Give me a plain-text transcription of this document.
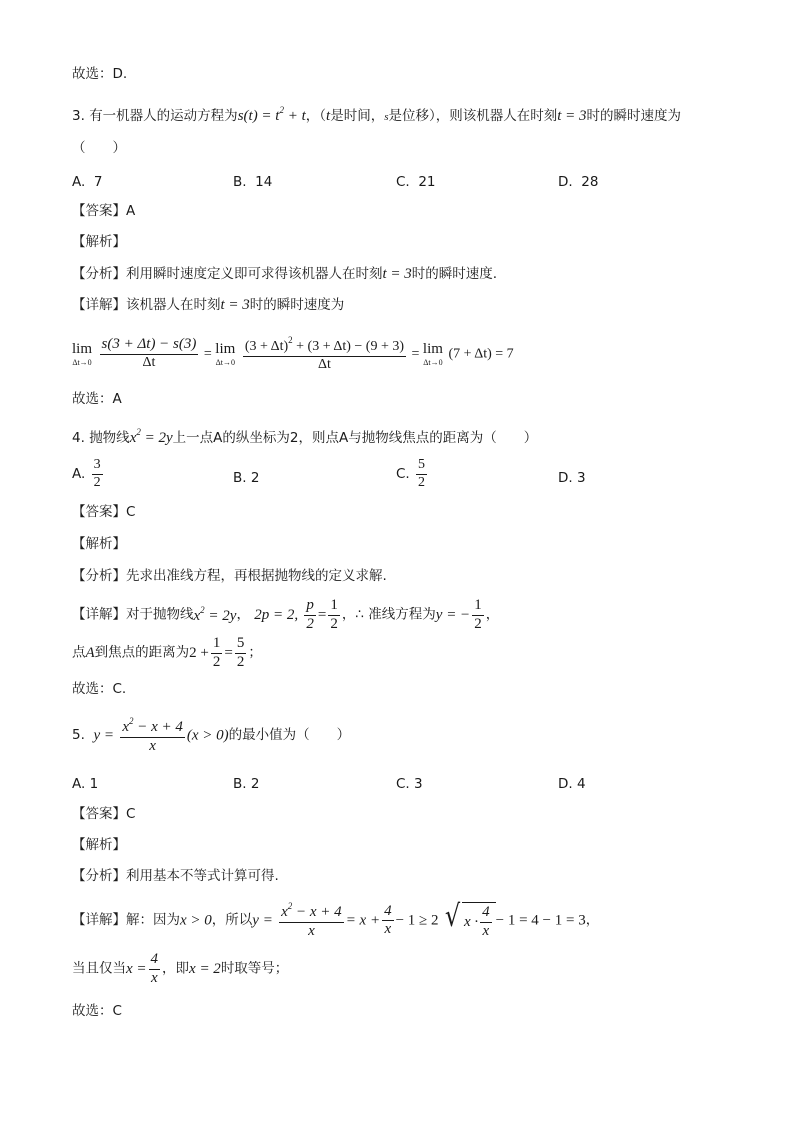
故选：D.
3. 有一机器人的运动方程为$s(t) = t^2 + t$，（t是时间，s是位移），则该机器人在时刻t = 3时的瞬时速度为
（　　）
A. 7	B. 14	C. 21	D. 28
【答案】A
【解析】
【分析】利用瞬时速度定义即可求得该机器人在时刻t = 3时的瞬时速度.
【详解】该机器人在时刻t = 3时的瞬时速度为
lim
Δt→0
$\frac{s(3 + \Delta t) - s(3)}{\Delta t} = \lim$
Δt→0
$\frac{(3 + \Delta t)^2 + (3 + \Delta t) - (9 + 3)}{\Delta t} = \lim$
Δt→0
(7 + Δt) = 7
故选：A
4. 抛物线$x^2 = 2y$上一点A的纵坐标为2，则点A与抛物线焦点的距离为（　　）
A. $\frac{3}{2}$	B. 2	C. $\frac{5}{2}$	D. 3
【答案】C
【解析】
【分析】先求出准线方程，再根据抛物线的定义求解.
【详解】对于抛物线$x^2 = 2y$， 2p = 2, $\frac{p}{2} = \frac{1}{2}$ ，∴ 准线方程为y = − $\frac{1}{2}$ ，
点A到焦点的距离为$2 + \frac{1}{2} = \frac{5}{2}$ ；
故选：C.
5. $y = \frac{x^2 - x + 4}{x} (x > 0)$的最小值为（　　）
A. 1	B. 2	C. 3	D. 4
【答案】C
【解析】
【分析】利用基本不等式计算可得.
【详解】解：因为x > 0，所以$y = \frac{x^2 - x + 4}{x} = x + \frac{4}{x} - 1 \ge 2$ √ $x \cdot \frac{4}{x} - 1 = 4 - 1 = 3$，
当且仅当$x = \frac{4}{x}$ ，即x = 2时取等号；
故选：C
